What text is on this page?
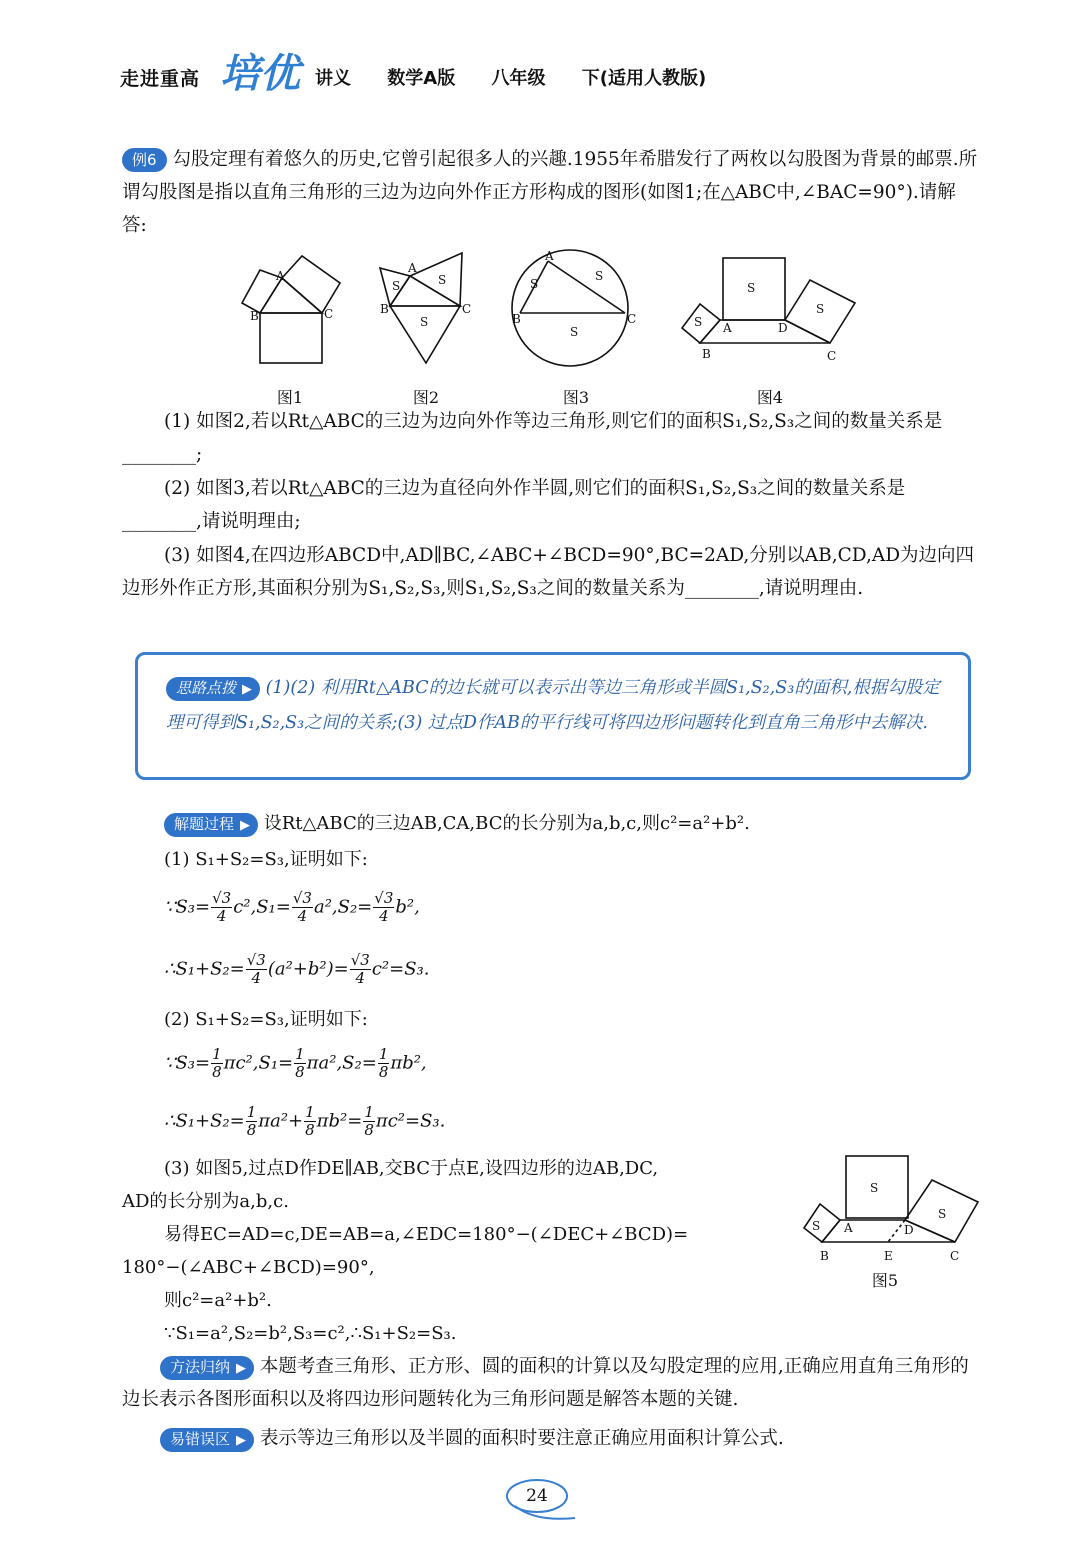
走进重高 培优 讲义 数学A版 八年级 下(适用人教版)
例6 勾股定理有着悠久的历史,它曾引起很多人的兴趣.1955年希腊发行了两枚以勾股图为背景的邮票.所谓勾股图是指以直角三角形的三边为边向外作正方形构成的图形(如图1;在△ABC中,∠BAC=90°).请解答:
B	C
A
B	C
A
S	S
S	B	C
A
S
S
S
B	C
A	D
S
S
S
图1	图2	图3	图4
(1) 如图2,若以Rt△ABC的三边为边向外作等边三角形,则它们的面积S₁,S₂,S₃之间的数量关系是________;
(2) 如图3,若以Rt△ABC的三边为直径向外作半圆,则它们的面积S₁,S₂,S₃之间的数量关系是________,请说明理由;
(3) 如图4,在四边形ABCD中,AD∥BC,∠ABC+∠BCD=90°,BC=2AD,分别以AB,CD,AD为边向四边形外作正方形,其面积分别为S₁,S₂,S₃,则S₁,S₂,S₃之间的数量关系为________,请说明理由.
思路点拨 ▶ (1)(2) 利用Rt△ABC的边长就可以表示出等边三角形或半圆S₁,S₂,S₃的面积,根据勾股定理可得到S₁,S₂,S₃之间的关系;(3) 过点D作AB的平行线可将四边形问题转化到直角三角形中去解决.
解题过程 ▶ 设Rt△ABC的三边AB,CA,BC的长分别为a,b,c,则c²=a²+b².
(1) S₁+S₂=S₃,证明如下:
∵S₃= $\frac{√3}{4} c^2,S_1= \frac{√3}{4} a^2,S_2= \frac{√3}{4} b^2$,
∴S₁+S₂= $\frac{√3}{4} (a^2+b^2)= \frac{√3}{4} c^2=S_3$.
(2) S₁+S₂=S₃,证明如下:
∵S₃= $\frac{1}{8} \pi c^2,S_1= \frac{1}{8} \pi a^2,S_2= \frac{1}{8} \pi b^2$,
∴S₁+S₂= $\frac{1}{8} \pi a^2+ \frac{1}{8} \pi b^2= \frac{1}{8} \pi c^2=S_3$.
(3) 如图5,过点D作DE∥AB,交BC于点E,设四边形的边AB,DC,
AD的长分别为a,b,c.
易得EC=AD=c,DE=AB=a,∠EDC=180°−(∠DEC+∠BCD)=
180°−(∠ABC+∠BCD)=90°,
则c²=a²+b².
∵S₁=a²,S₂=b²,S₃=c²,∴S₁+S₂=S₃.
B	C
E
A	D
S
S
S
图5
方法归纳 ▶ 本题考查三角形、正方形、圆的面积的计算以及勾股定理的应用,正确应用直角三角形的边长表示各图形面积以及将四边形问题转化为三角形问题是解答本题的关键.
易错误区 ▶ 表示等边三角形以及半圆的面积时要注意正确应用面积计算公式.
24
